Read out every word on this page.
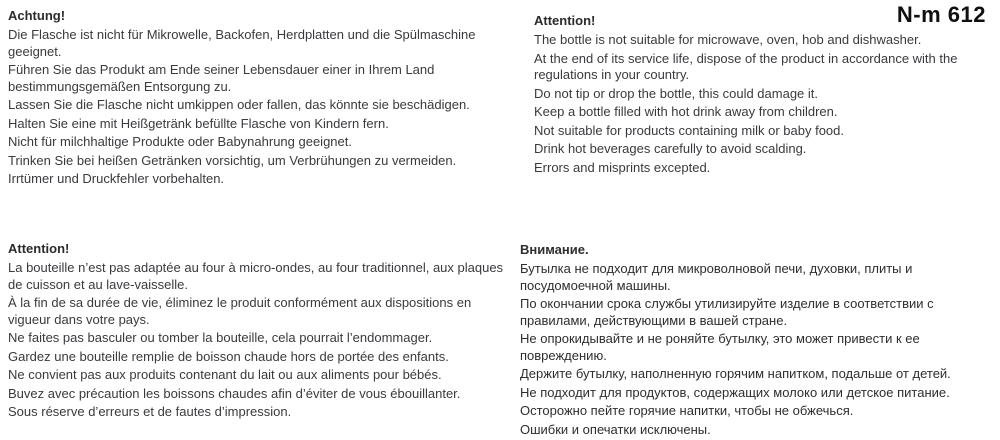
N-m 612
Achtung!

Die Flasche ist nicht für Mikrowelle, Backofen, Herdplatten und die Spülmaschine geeignet.

Führen Sie das Produkt am Ende seiner Lebensdauer einer in Ihrem Land bestimmungsgemäßen Entsorgung zu.

Lassen Sie die Flasche nicht umkippen oder fallen, das könnte sie beschädigen.

Halten Sie eine mit Heißgetränk befüllte Flasche von Kindern fern.

Nicht für milchhaltige Produkte oder Babynahrung geeignet.

Trinken Sie bei heißen Getränken vorsichtig, um Verbrühungen zu vermeiden.

Irrtümer und Druckfehler vorbehalten.

Attention!

The bottle is not suitable for microwave, oven, hob and dishwasher.

At the end of its service life, dispose of the product in accordance with the regulations in your country.

Do not tip or drop the bottle, this could damage it.

Keep a bottle filled with hot drink away from children.

Not suitable for products containing milk or baby food.

Drink hot beverages carefully to avoid scalding.

Errors and misprints excepted.

Attention!

La bouteille n’est pas adaptée au four à micro-ondes, au four traditionnel, aux plaques de cuisson et au lave-vaisselle.

À la fin de sa durée de vie, éliminez le produit conformément aux dispositions en vigueur dans votre pays.

Ne faites pas basculer ou tomber la bouteille, cela pourrait l’endommager.

Gardez une bouteille remplie de boisson chaude hors de portée des enfants.

Ne convient pas aux produits contenant du lait ou aux aliments pour bébés.

Buvez avec précaution les boissons chaudes afin d’éviter de vous ébouillanter.

Sous réserve d’erreurs et de fautes d’impression.

Внимание.

Бутылка не подходит для микроволновой печи, духовки, плиты и посудомоечной машины.

По окончании срока службы утилизируйте изделие в соответствии с правилами, действующими в вашей стране.

Не опрокидывайте и не роняйте бутылку, это может привести к ее повреждению.

Держите бутылку, наполненную горячим напитком, подальше от детей.

Не подходит для продуктов, содержащих молоко или детское питание.

Осторожно пейте горячие напитки, чтобы не обжечься.

Ошибки и опечатки исключены.
